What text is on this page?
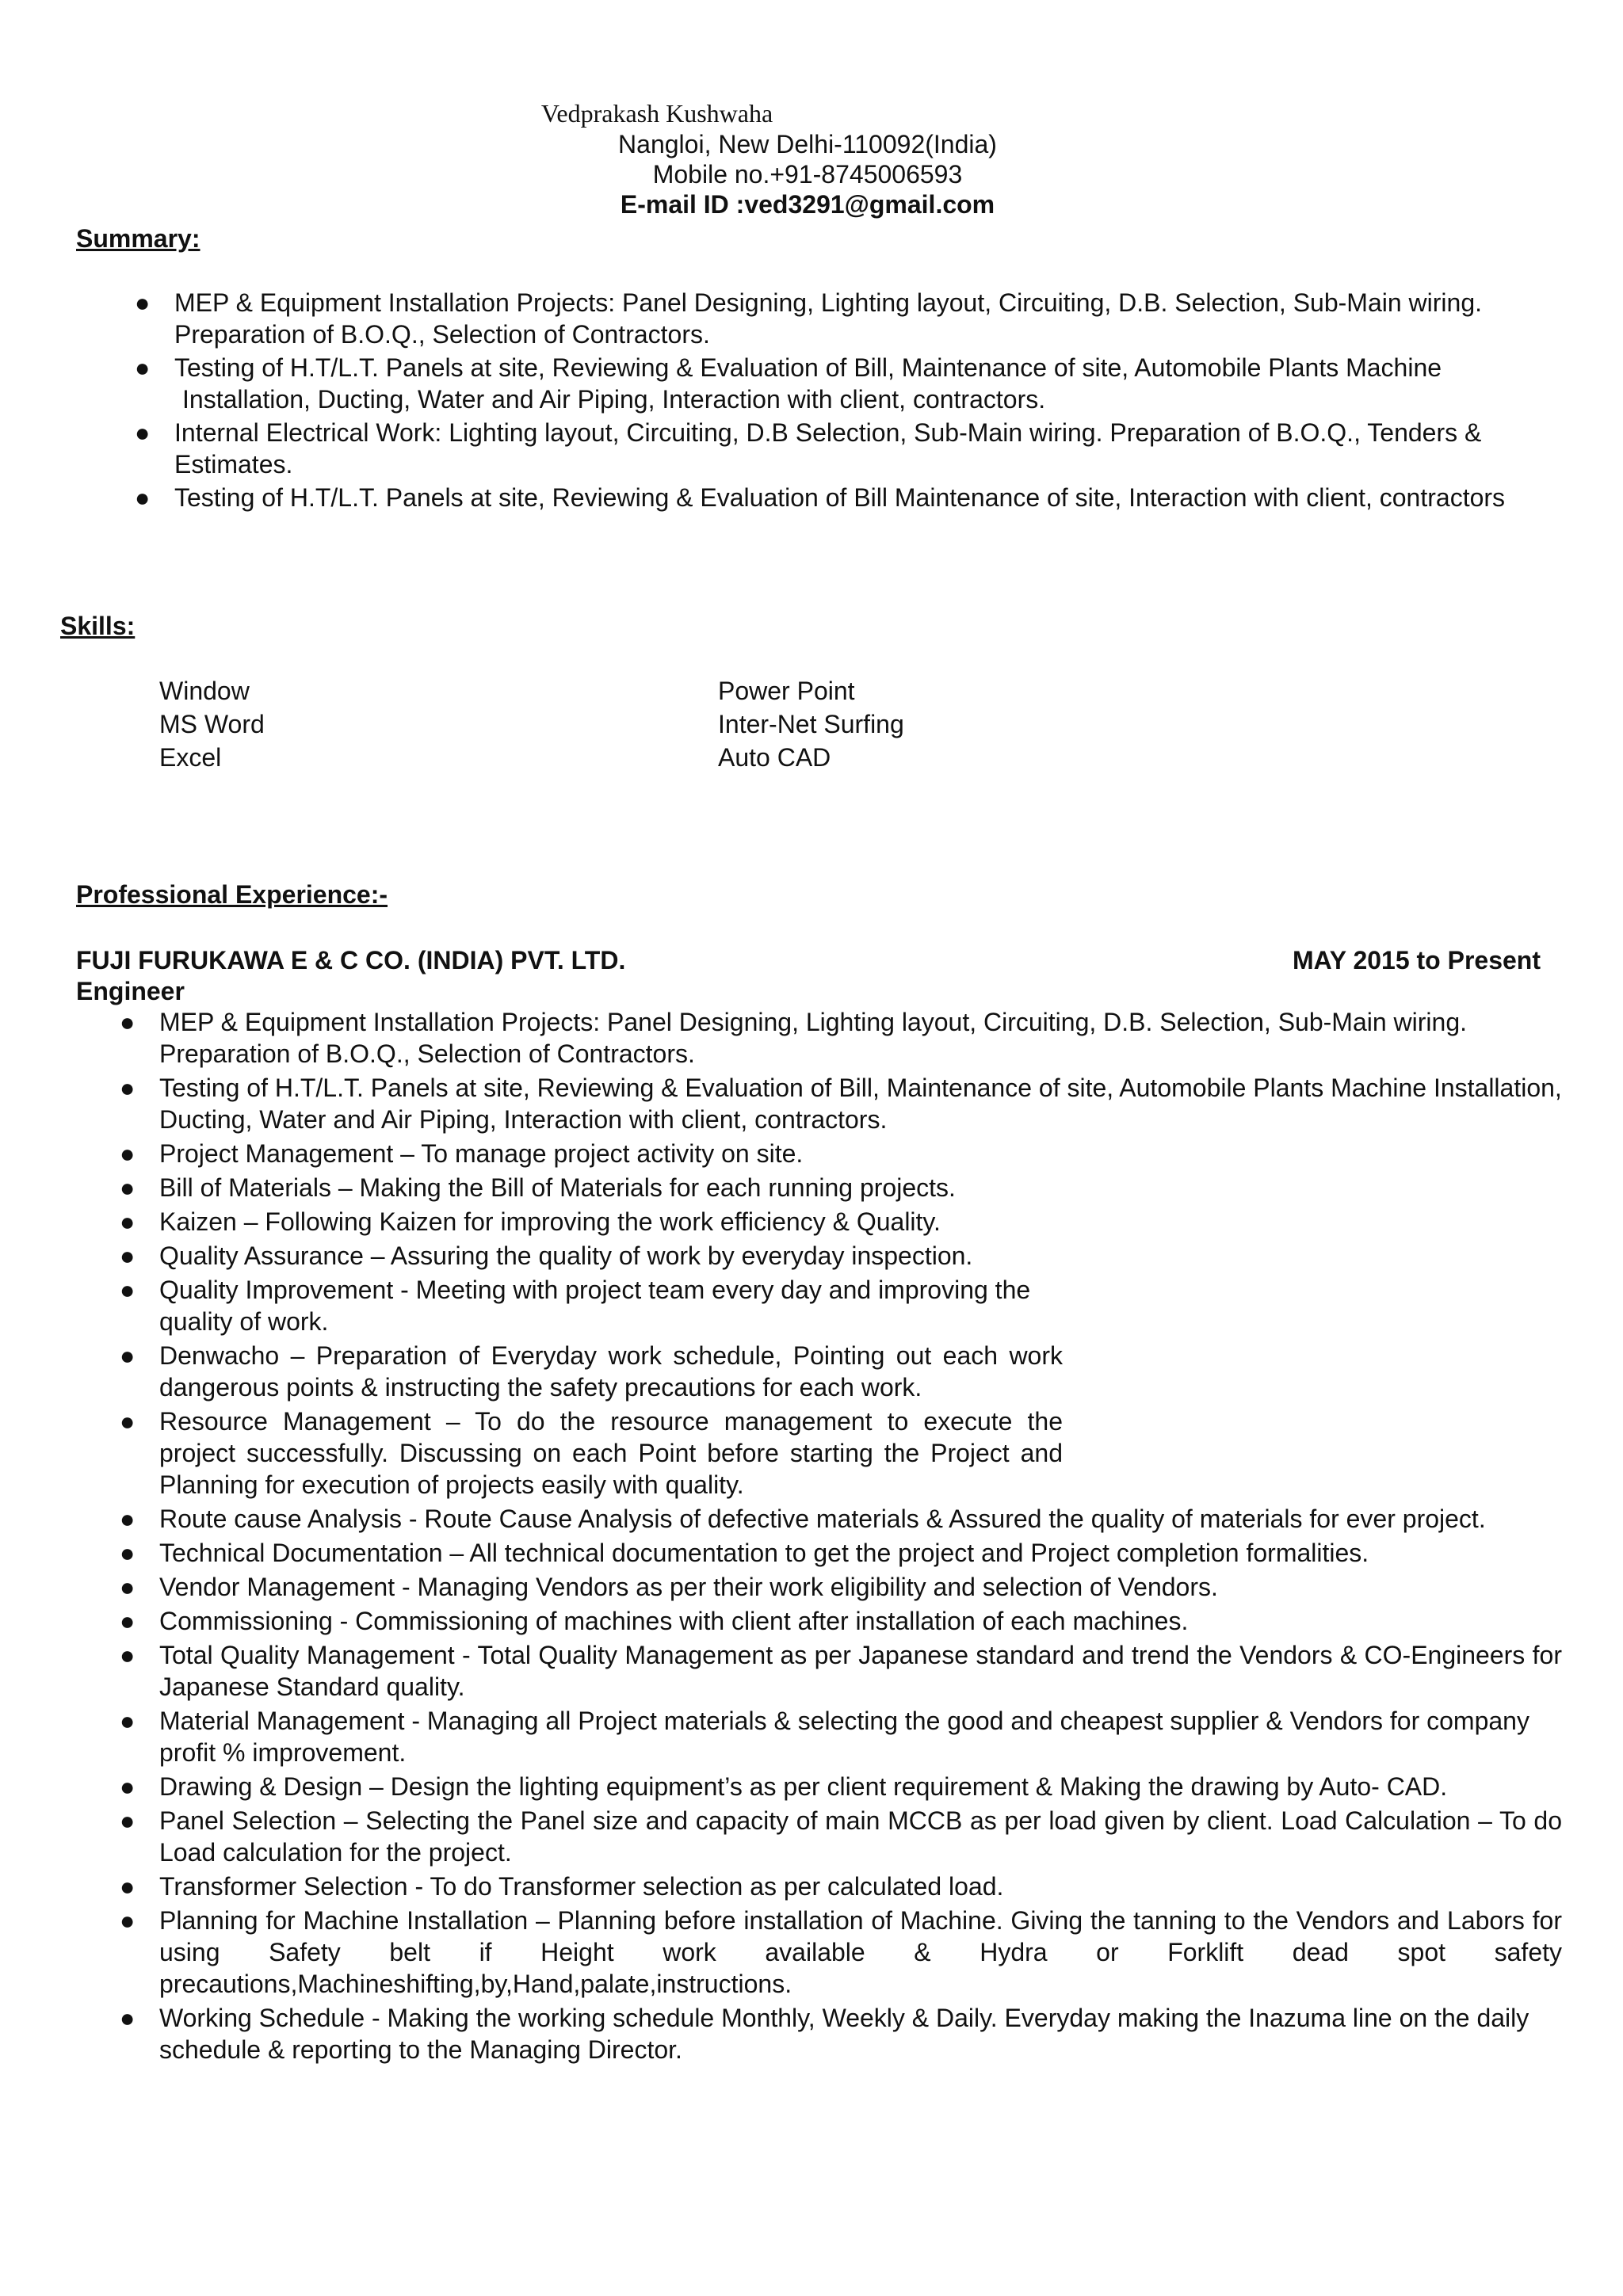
Vedprakash Kushwaha
Nangloi, New Delhi-110092(India)
Mobile no.+91-8745006593
E-mail ID :ved3291@gmail.com
Summary:
● MEP & Equipment Installation Projects: Panel Designing, Lighting layout, Circuiting, D.B. Selection, Sub-Main wiring. Preparation of B.O.Q., Selection of Contractors.
● Testing of H.T/L.T. Panels at site, Reviewing & Evaluation of Bill, Maintenance of site, Automobile Plants Machine Installation, Ducting, Water and Air Piping, Interaction with client, contractors.
● Internal Electrical Work: Lighting layout, Circuiting, D.B Selection, Sub-Main wiring. Preparation of B.O.Q., Tenders & Estimates.
● Testing of H.T/L.T. Panels at site, Reviewing & Evaluation of Bill Maintenance of site, Interaction with client, contractors
Skills:
Window
MS Word
Excel
Power Point
Inter-Net Surfing
Auto CAD
Professional Experience:-
FUJI FURUKAWA E & C CO. (INDIA) PVT. LTD.	MAY 2015 to Present
Engineer
● MEP & Equipment Installation Projects: Panel Designing, Lighting layout, Circuiting, D.B. Selection, Sub-Main wiring. Preparation of B.O.Q., Selection of Contractors.
● Testing of H.T/L.T. Panels at site, Reviewing & Evaluation of Bill, Maintenance of site, Automobile Plants Machine Installation, Ducting, Water and Air Piping, Interaction with client, contractors.
● Project Management – To manage project activity on site.
● Bill of Materials – Making the Bill of Materials for each running projects.
● Kaizen – Following Kaizen for improving the work efficiency & Quality.
● Quality Assurance – Assuring the quality of work by everyday inspection.
● Quality Improvement - Meeting with project team every day and improving the quality of work.
● Denwacho – Preparation of Everyday work schedule, Pointing out each work dangerous points & instructing the safety precautions for each work.
● Resource Management – To do the resource management to execute the project successfully. Discussing on each Point before starting the Project and Planning for execution of projects easily with quality.
● Route cause Analysis - Route Cause Analysis of defective materials & Assured the quality of materials for ever project.
● Technical Documentation – All technical documentation to get the project and Project completion formalities.
● Vendor Management - Managing Vendors as per their work eligibility and selection of Vendors.
● Commissioning - Commissioning of machines with client after installation of each machines.
● Total Quality Management - Total Quality Management as per Japanese standard and trend the Vendors & CO-Engineers for Japanese Standard quality.
● Material Management - Managing all Project materials & selecting the good and cheapest supplier & Vendors for company profit % improvement.
● Drawing & Design – Design the lighting equipment’s as per client requirement & Making the drawing by Auto- CAD.
● Panel Selection – Selecting the Panel size and capacity of main MCCB as per load given by client. Load Calculation – To do Load calculation for the project.
● Transformer Selection - To do Transformer selection as per calculated load.
● Planning for Machine Installation – Planning before installation of Machine. Giving the tanning to the Vendors and Labors for using Safety belt if Height work available & Hydra or Forklift dead spot safety precautions,Machineshifting,by,Hand,palate,instructions.
● Working Schedule - Making the working schedule Monthly, Weekly & Daily. Everyday making the Inazuma line on the daily schedule & reporting to the Managing Director.
